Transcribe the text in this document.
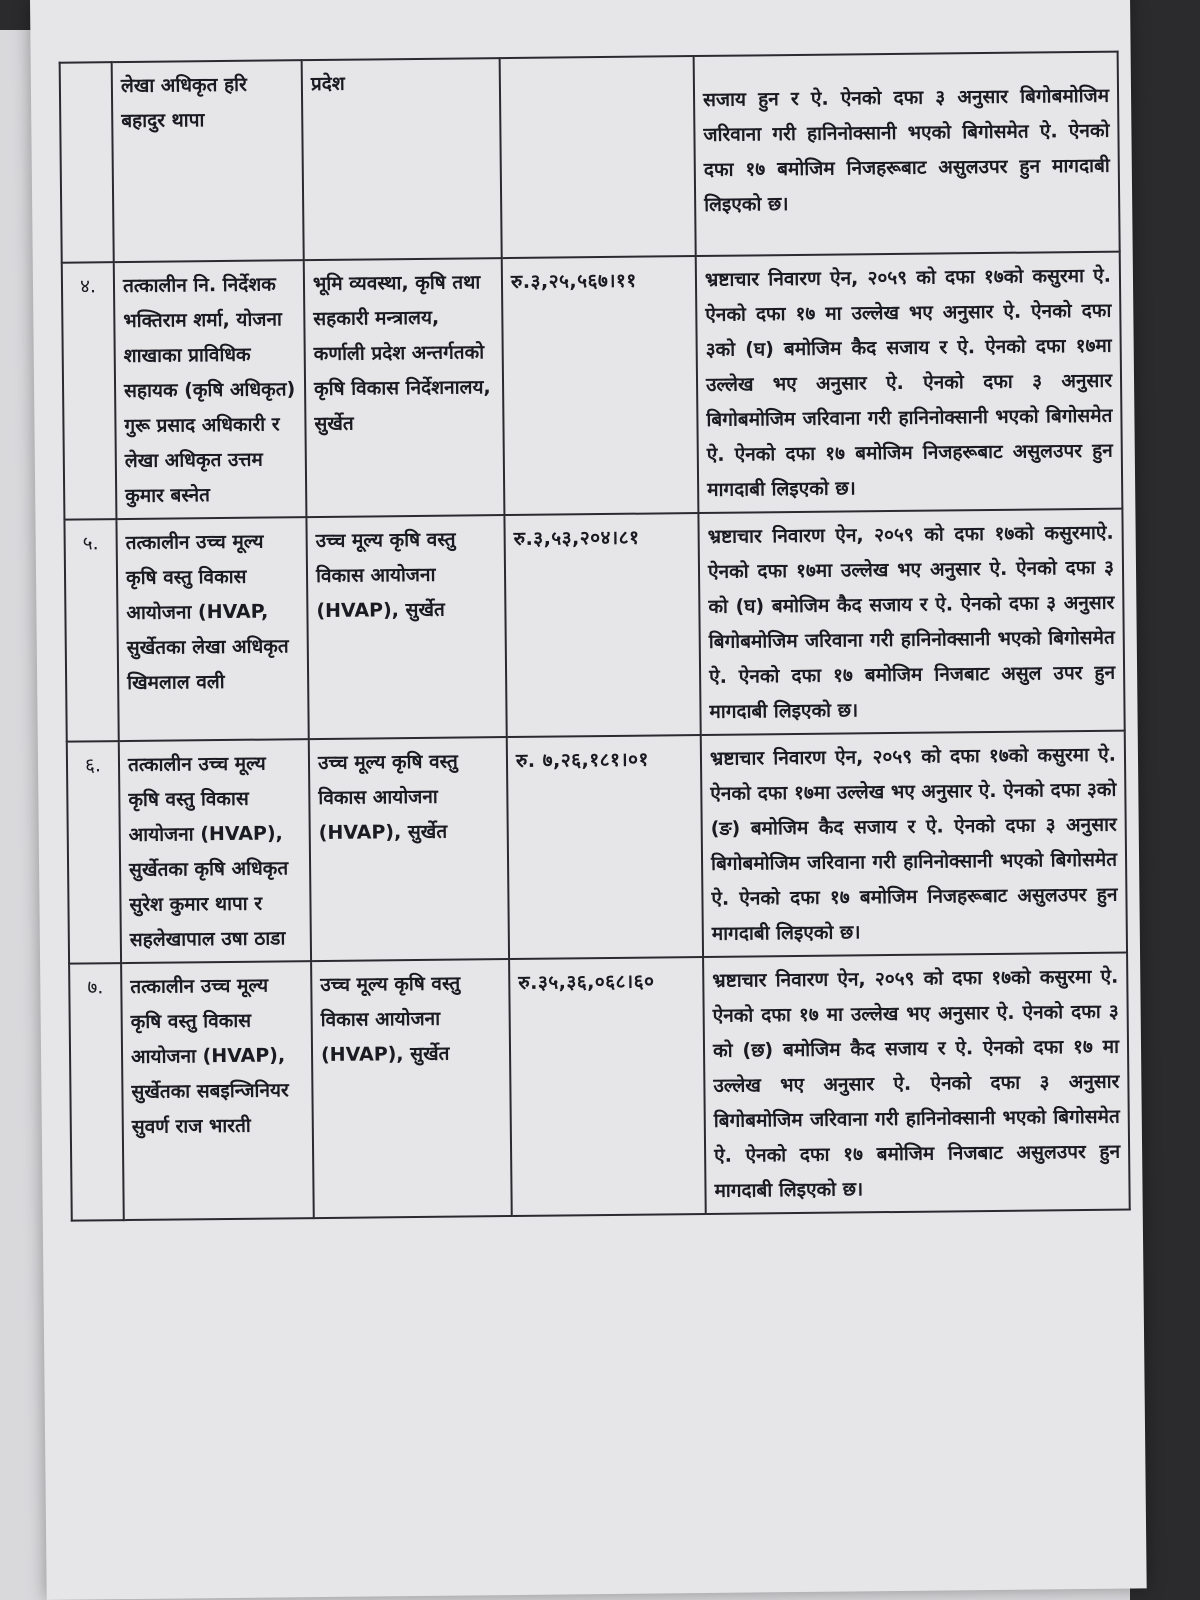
	लेखा अधिकृत हरि बहादुर थापा	प्रदेश		सजाय हुन र ऐ. ऐनको दफा ३ अनुसार बिगोबमोजिम जरिवाना गरी हानिनोक्सानी भएको बिगोसमेत ऐ. ऐनको दफा १७ बमोजिम निजहरूबाट असुलउपर हुन मागदाबी लिइएको छ।

४.	तत्कालीन नि. निर्देशक भक्तिराम शर्मा, योजना शाखाका प्राविधिक सहायक (कृषि अधिकृत) गुरू प्रसाद अधिकारी र लेखा अधिकृत उत्तम कुमार बस्नेत	भूमि व्यवस्था, कृषि तथा सहकारी मन्त्रालय, कर्णाली प्रदेश अन्तर्गतको कृषि विकास निर्देशनालय, सुर्खेत	रु.३,२५,५६७।११	भ्रष्टाचार निवारण ऐन, २०५९ को दफा १७को कसुरमा ऐ. ऐनको दफा १७ मा उल्लेख भए अनुसार ऐ. ऐनको दफा ३को (घ) बमोजिम कैद सजाय र ऐ. ऐनको दफा १७मा उल्लेख भए अनुसार ऐ. ऐनको दफा ३ अनुसार बिगोबमोजिम जरिवाना गरी हानिनोक्सानी भएको बिगोसमेत ऐ. ऐनको दफा १७ बमोजिम निजहरूबाट असुलउपर हुन मागदाबी लिइएको छ।

५.	तत्कालीन उच्च मूल्य कृषि वस्तु विकास आयोजना (HVAP, सुर्खेतका लेखा अधिकृत खिमलाल वली	उच्च मूल्य कृषि वस्तु विकास आयोजना (HVAP), सुर्खेत	रु.३,५३,२०४।८१	भ्रष्टाचार निवारण ऐन, २०५९ को दफा १७को कसुरमाऐ. ऐनको दफा १७मा उल्लेख भए अनुसार ऐ. ऐनको दफा ३ को (घ) बमोजिम कैद सजाय र ऐ. ऐनको दफा ३ अनुसार बिगोबमोजिम जरिवाना गरी हानिनोक्सानी भएको बिगोसमेत ऐ. ऐनको दफा १७ बमोजिम निजबाट असुल उपर हुन मागदाबी लिइएको छ।

६.	तत्कालीन उच्च मूल्य कृषि वस्तु विकास आयोजना (HVAP), सुर्खेतका कृषि अधिकृत सुरेश कुमार थापा र सहलेखापाल उषा ठाडा	उच्च मूल्य कृषि वस्तु विकास आयोजना (HVAP), सुर्खेत	रु. ७,२६,१८१।०१	भ्रष्टाचार निवारण ऐन, २०५९ को दफा १७को कसुरमा ऐ. ऐनको दफा १७मा उल्लेख भए अनुसार ऐ. ऐनको दफा ३को (ङ) बमोजिम कैद सजाय र ऐ. ऐनको दफा ३ अनुसार बिगोबमोजिम जरिवाना गरी हानिनोक्सानी भएको बिगोसमेत ऐ. ऐनको दफा १७ बमोजिम निजहरूबाट असुलउपर हुन मागदाबी लिइएको छ।

७.	तत्कालीन उच्च मूल्य कृषि वस्तु विकास आयोजना (HVAP), सुर्खेतका सबइन्जिनियर सुवर्ण राज भारती	उच्च मूल्य कृषि वस्तु विकास आयोजना (HVAP), सुर्खेत	रु.३५,३६,०६८।६०	भ्रष्टाचार निवारण ऐन, २०५९ को दफा १७को कसुरमा ऐ. ऐनको दफा १७ मा उल्लेख भए अनुसार ऐ. ऐनको दफा ३ को (छ) बमोजिम कैद सजाय र ऐ. ऐनको दफा १७ मा उल्लेख भए अनुसार ऐ. ऐनको दफा ३ अनुसार बिगोबमोजिम जरिवाना गरी हानिनोक्सानी भएको बिगोसमेत ऐ. ऐनको दफा १७ बमोजिम निजबाट असुलउपर हुन मागदाबी लिइएको छ।
